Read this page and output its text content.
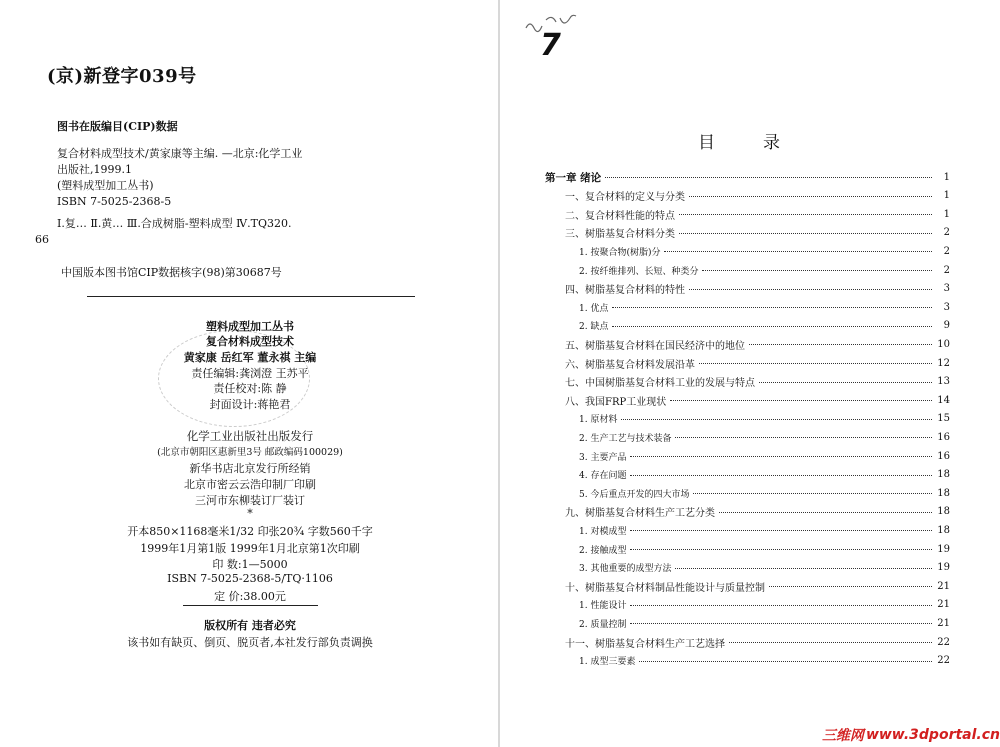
(京)新登字039号
图书在版编目(CIP)数据
复合材料成型技术/黄家康等主编. —北京:化学工业
出版社,1999.1
(塑料成型加工丛书)
ISBN 7-5025-2368-5
Ⅰ.复… Ⅱ.黄… Ⅲ.合成树脂-塑料成型 Ⅳ.TQ320.
66
中国版本图书馆CIP数据核字(98)第30687号
塑料成型加工丛书
复合材料成型技术
黄家康 岳红军 董永祺 主编
责任编辑:龚浏澄 王苏平
责任校对:陈 静
封面设计:蒋艳君
化学工业出版社出版发行
(北京市朝阳区惠新里3号 邮政编码100029)
新华书店北京发行所经销
北京市密云云浩印制厂印刷
三河市东柳装订厂装订
*
开本850×1168毫米1/32 印张20¾ 字数560千字
1999年1月第1版 1999年1月北京第1次印刷
印 数:1—5000
ISBN 7-5025-2368-5/TQ·1106
定 价:38.00元
版权所有 违者必究
该书如有缺页、倒页、脱页者,本社发行部负责调换
7
目录
第一章 绪论	1
一、复合材料的定义与分类	1
二、复合材料性能的特点	1
三、树脂基复合材料分类	2
1. 按聚合物(树脂)分	2
2. 按纤维排列、长短、种类分	2
四、树脂基复合材料的特性	3
1. 优点	3
2. 缺点	9
五、树脂基复合材料在国民经济中的地位	10
六、树脂基复合材料发展沿革	12
七、中国树脂基复合材料工业的发展与特点	13
八、我国FRP工业现状	14
1. 原材料	15
2. 生产工艺与技术装备	16
3. 主要产品	16
4. 存在问题	18
5. 今后重点开发的四大市场	18
九、树脂基复合材料生产工艺分类	18
1. 对模成型	18
2. 接触成型	19
3. 其他重要的成型方法	19
十、树脂基复合材料制品性能设计与质量控制	21
1. 性能设计	21
2. 质量控制	21
十一、树脂基复合材料生产工艺选择	22
1. 成型三要素	22
三维网 www.3dportal.cn
